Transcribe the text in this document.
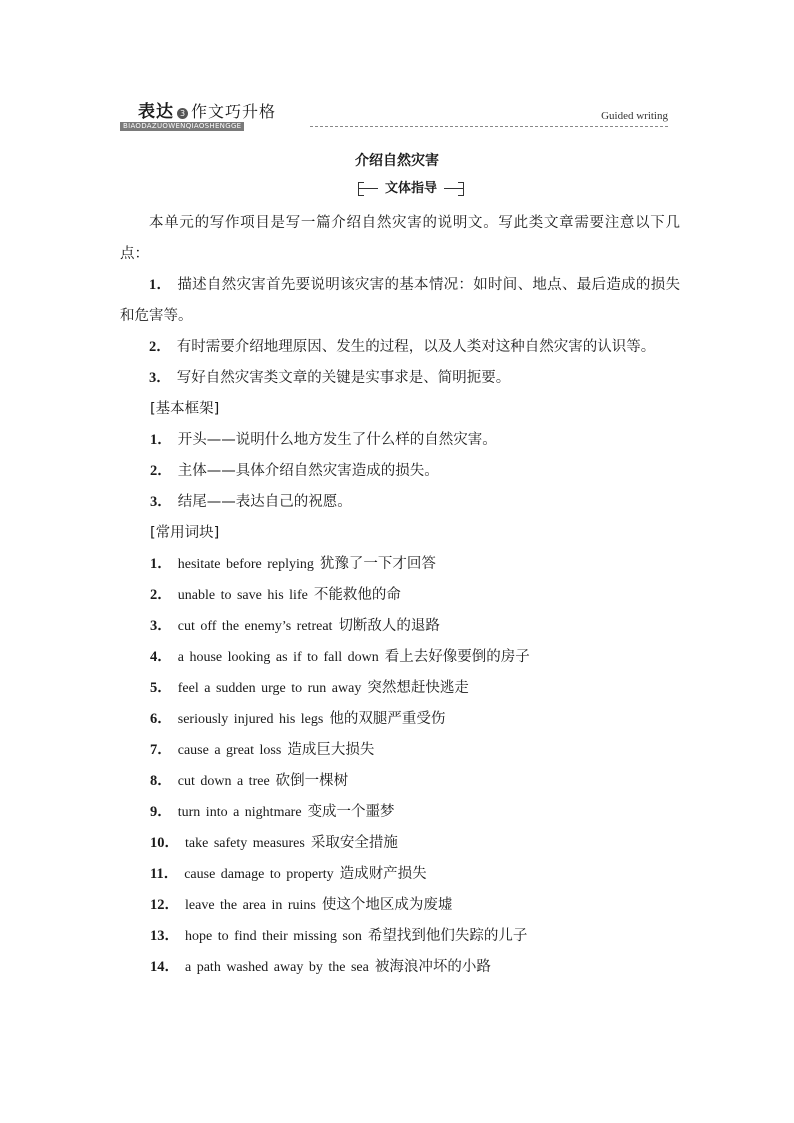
表达 3 作文巧升格
BIAODAZUOWENQIAOSHENGGE
Guided writing
介绍自然灾害
文体指导

本单元的写作项目是写一篇介绍自然灾害的说明文。写此类文章需要注意以下几点：

1． 描述自然灾害首先要说明该灾害的基本情况：如时间、地点、最后造成的损失和危害等。

2． 有时需要介绍地理原因、发生的过程，以及人类对这种自然灾害的认识等。

3． 写好自然灾害类文章的关键是实事求是、简明扼要。

[基本框架]

1． 开头——说明什么地方发生了什么样的自然灾害。

2． 主体——具体介绍自然灾害造成的损失。

3． 结尾——表达自己的祝愿。

[常用词块]

1． hesitate before replying 犹豫了一下才回答
2． unable to save his life 不能救他的命
3． cut off the enemy’s retreat 切断敌人的退路
4． a house looking as if to fall down 看上去好像要倒的房子
5． feel a sudden urge to run away 突然想赶快逃走
6． seriously injured his legs 他的双腿严重受伤
7． cause a great loss 造成巨大损失
8． cut down a tree 砍倒一棵树
9． turn into a nightmare 变成一个噩梦
10． take safety measures 采取安全措施
11． cause damage to property 造成财产损失
12． leave the area in ruins 使这个地区成为废墟
13． hope to find their missing son 希望找到他们失踪的儿子
14． a path washed away by the sea 被海浪冲坏的小路
